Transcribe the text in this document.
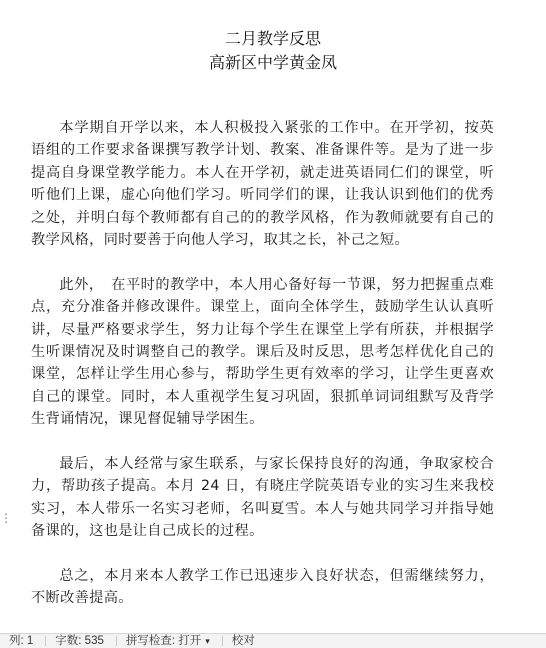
二月教学反思
高新区中学黄金凤

本学期自开学以来，本人积极投入紧张的工作中。在开学初，按英语组的工作要求备课撰写教学计划、教案、准备课件等。是为了进一步提高自身课堂教学能力。本人在开学初，就走进英语同仁们的课堂，听听他们上课，虚心向他们学习。听同学们的课，让我认识到他们的优秀之处，并明白每个教师都有自己的的教学风格，作为教师就要有自己的教学风格，同时要善于向他人学习，取其之长，补己之短。

此外，　在平时的教学中，本人用心备好每一节课，努力把握重点难点，充分准备并修改课件。课堂上，面向全体学生，鼓励学生认认真听讲，尽量严格要求学生，努力让每个学生在课堂上学有所获，并根据学生听课情况及时调整自己的教学。课后及时反思，思考怎样优化自己的课堂，怎样让学生用心参与，帮助学生更有效率的学习，让学生更喜欢自己的课堂。同时，本人重视学生复习巩固，狠抓单词词组默写及背学生背诵情况，课见督促辅导学困生。

最后，本人经常与家生联系，与家长保持良好的沟通，争取家校合力，帮助孩子提高。本月 24 日，有晓庄学院英语专业的实习生来我校实习，本人带乐一名实习老师，名叫夏雪。本人与她共同学习并指导她备课的，这也是让自己成长的过程。

总之，本月来本人教学工作已迅速步入良好状态，但需继续努力，不断改善提高。

⋮
列: 1	字数: 535	拼写检查: 打开 ▾	校对
